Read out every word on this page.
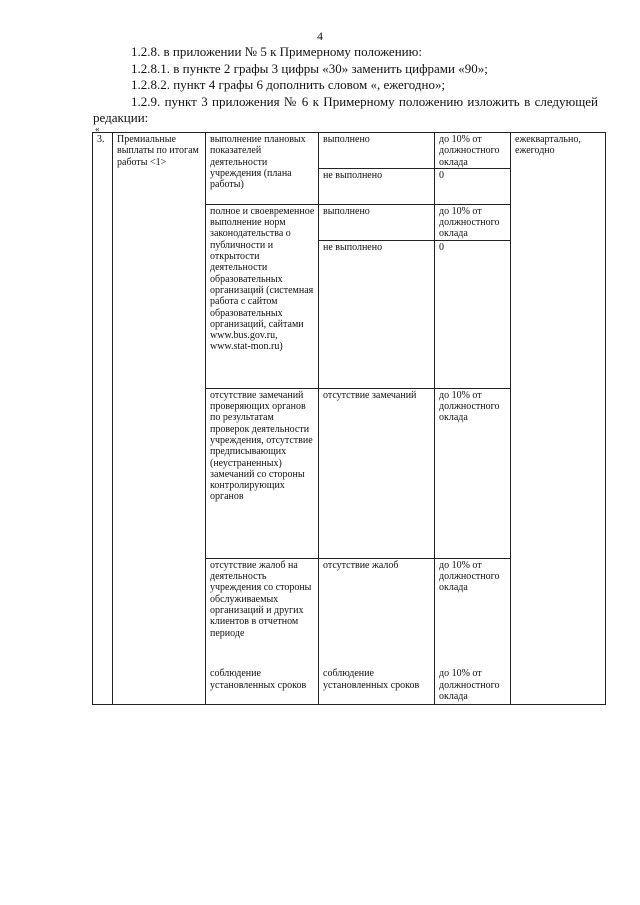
4

1.2.8. в приложении № 5 к Примерному положению:

1.2.8.1. в пункте 2 графы 3 цифры «30» заменить цифрами «90»;

1.2.8.2. пункт 4 графы 6 дополнить словом «, ежегодно»;

1.2.9. пункт 3 приложения № 6 к Примерному положению изложить в следующей редакции:

«
3.	Премиальные выплаты по итогам работы <1>	выполнение плановых показателей деятельности учреждения (плана работы)	выполнено	до 10% от должностного оклада	ежеквартально, ежегодно
			не выполнено	0	
		полное и своевременное выполнение норм законодательства о публичности и открытости деятельности образовательных организаций (системная работа с сайтом образовательных организаций, сайтами www.bus.gov.ru, www.stat-mon.ru)	выполнено	до 10% от должностного оклада	
			не выполнено	0	
		отсутствие замечаний проверяющих органов по результатам проверок деятельности учреждения, отсутствие предписывающих (неустраненных) замечаний со стороны контролирующих органов	отсутствие замечаний	до 10% от должностного оклада	
		отсутствие жалоб на деятельность учреждения со стороны обслуживаемых организаций и других клиентов в отчетном периоде	отсутствие жалоб	до 10% от должностного оклада	
		соблюдение установленных сроков	соблюдение установленных сроков	до 10% от должностного оклада	
